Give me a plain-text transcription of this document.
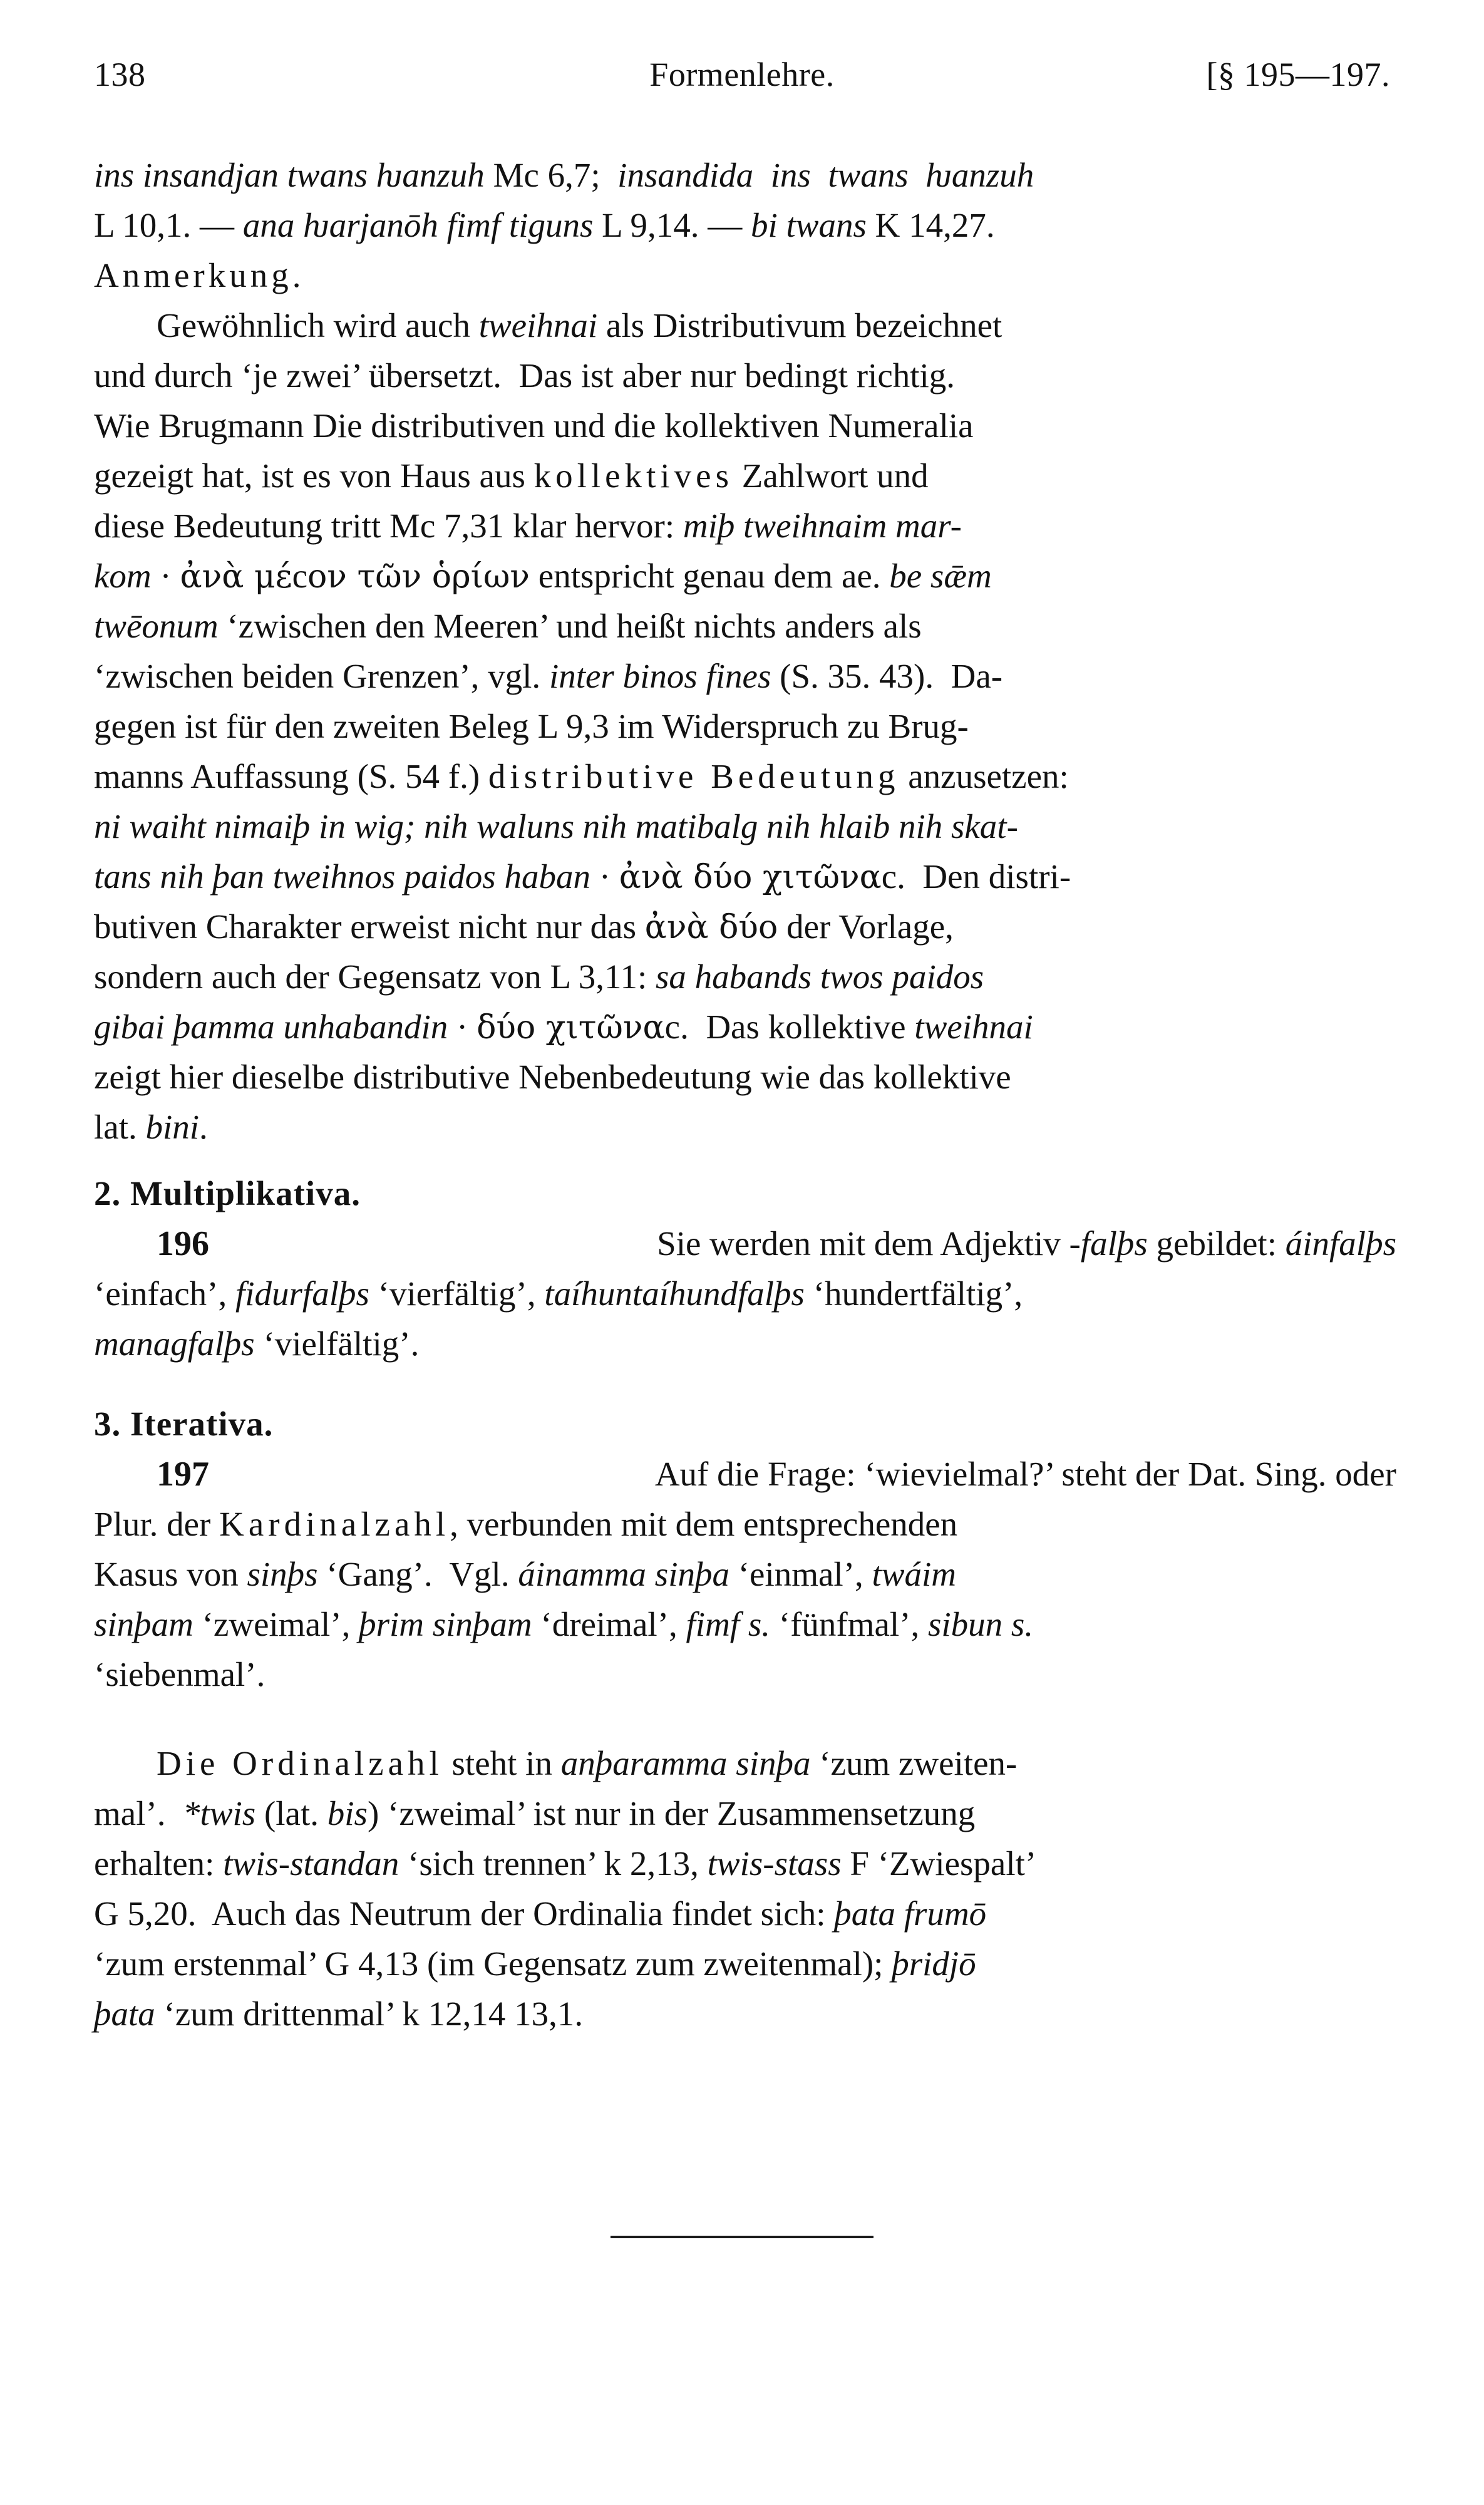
138	Formenlehre.	[§ 195—197.
ins insandjan twans ƕanzuh Mc 6,7;  insandida  ins  twans  ƕanzuh
L 10,1. — ana ƕarjanōh fimf tiguns L 9,14. — bi twans K 14,27.
Anmerkung.
Gewöhnlich wird auch tweihnai als Distributivum bezeichnet
und durch ‘je zwei’ übersetzt.  Das ist aber nur bedingt richtig.
Wie Brugmann Die distributiven und die kollektiven Numeralia
gezeigt hat, ist es von Haus aus kollektives Zahlwort und
diese Bedeutung tritt Mc 7,31 klar hervor: miþ tweihnaim mar-
kom · ἀνὰ μέcον τῶν ὁρίων entspricht genau dem ae. be sǣm
twēonum ‘zwischen den Meeren’ und heißt nichts anders als
‘zwischen beiden Grenzen’, vgl. inter binos fines (S. 35. 43).  Da-
gegen ist für den zweiten Beleg L 9,3 im Widerspruch zu Brug-
manns Auffassung (S. 54 f.) distributive Bedeutung anzusetzen:
ni waiht nimaiþ in wig; nih waluns nih matibalg nih hlaib nih skat-
tans nih þan tweihnos paidos haban · ἀνὰ δύο χιτῶναc.  Den distri-
butiven Charakter erweist nicht nur das ἀνὰ δύο der Vorlage,
sondern auch der Gegensatz von L 3,11: sa habands twos paidos
gibai þamma unhabandin · δύο χιτῶναc.  Das kollektive tweihnai
zeigt hier dieselbe distributive Nebenbedeutung wie das kollektive
lat. bini.
2. Multiplikativa.
196	Sie werden mit dem Adjektiv -falþs gebildet: áinfalþs
‘einfach’, fidurfalþs ‘vierfältig’, taíhuntaíhundfalþs ‘hundertfältig’,
managfalþs ‘vielfältig’.
3. Iterativa.
197	Auf die Frage: ‘wievielmal?’ steht der Dat. Sing. oder
Plur. der Kardinalzahl, verbunden mit dem entsprechenden
Kasus von sinþs ‘Gang’.  Vgl. áinamma sinþa ‘einmal’, twáim
sinþam ‘zweimal’, þrim sinþam ‘dreimal’, fimf s. ‘fünfmal’, sibun s.
‘siebenmal’.
Die Ordinalzahl steht in anþaramma sinþa ‘zum zweiten-
mal’.  *twis (lat. bis) ‘zweimal’ ist nur in der Zusammensetzung
erhalten: twis-standan ‘sich trennen’ k 2,13, twis-stass F ‘Zwiespalt’
G 5,20.  Auch das Neutrum der Ordinalia findet sich: þata frumō
‘zum erstenmal’ G 4,13 (im Gegensatz zum zweitenmal); þridjō
þata ‘zum drittenmal’ k 12,14 13,1.
